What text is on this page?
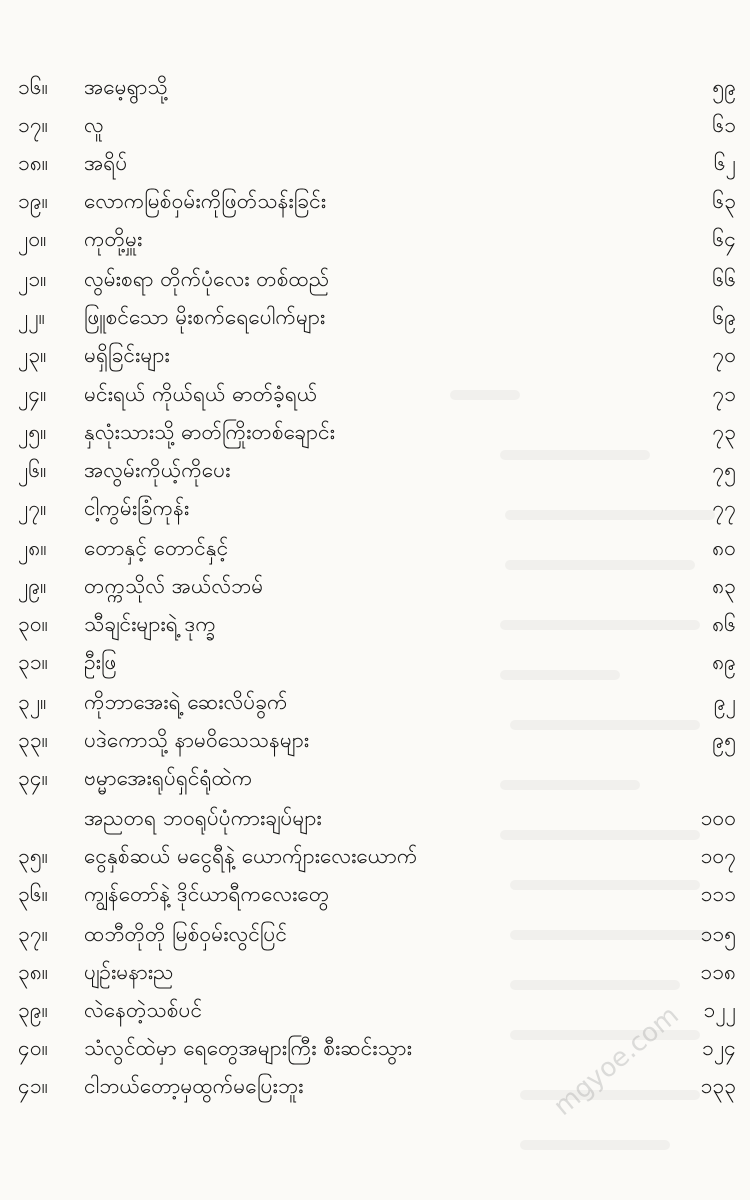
၁၆။	အမေ့ရွာသို့	၅၉
၁၇။	လူ	၆၁
၁၈။	အရိပ်	၆၂
၁၉။	လောကမြစ်ဝှမ်းကိုဖြတ်သန်းခြင်း	၆၃
၂၀။	ကုတို့မှူး	၆၄
၂၁။	လွမ်းစရာ တိုက်ပုံလေး တစ်ထည်	၆၆
၂၂။	ဖြူစင်သော မိုးစက်ရေပေါက်များ	၆၉
၂၃။	မရှိခြင်းများ	၇၀
၂၄။	မင်းရယ် ကိုယ်ရယ် ဓာတ်ခံ့ရယ်	၇၁
၂၅။	နှလုံးသားသို့ ဓာတ်ကြိုးတစ်ချောင်း	၇၃
၂၆။	အလွမ်းကိုယ့်ကိုပေး	၇၅
၂၇။	ငါ့ကွမ်းခြံကုန်း	၇၇
၂၈။	တောနှင့် တောင်နှင့်	၈၀
၂၉။	တက္ကသိုလ် အယ်လ်ဘမ်	၈၃
၃၀။	သီချင်းများရဲ့ ဒုက္ခ	၈၆
၃၁။	ဦးဖြ	၈၉
၃၂။	ကိုဘာအေးရဲ့ ဆေးလိပ်ခွက်	၉၂
၃၃။	ပဒဲကောသို့ နာမဝိသေသနများ	၉၅
၃၄။	ဗမ္မာအေးရုပ်ရှင်ရုံထဲက
အညတရ ဘဝရုပ်ပုံကားချပ်များ	၁၀၀
၃၅။	ငွေနှစ်ဆယ် မငွေရီနဲ့ ယောက်ျားလေးယောက်	၁၀၇
၃၆။	ကျွန်တော်နဲ့ ဒိုင်ယာရီကလေးတွေ	၁၁၁
၃၇။	ထဘီတိုတို မြစ်ဝှမ်းလွင်ပြင်	၁၁၅
၃၈။	ပျဉ်းမနားည	၁၁၈
၃၉။	လဲနေတဲ့သစ်ပင်	၁၂၂
၄၀။	သံလွင်ထဲမှာ ရေတွေအများကြီး စီးဆင်းသွား	၁၂၄
၄၁။	ငါဘယ်တော့မှထွက်မပြေးဘူး	၁၃၃
mgyoe.com
